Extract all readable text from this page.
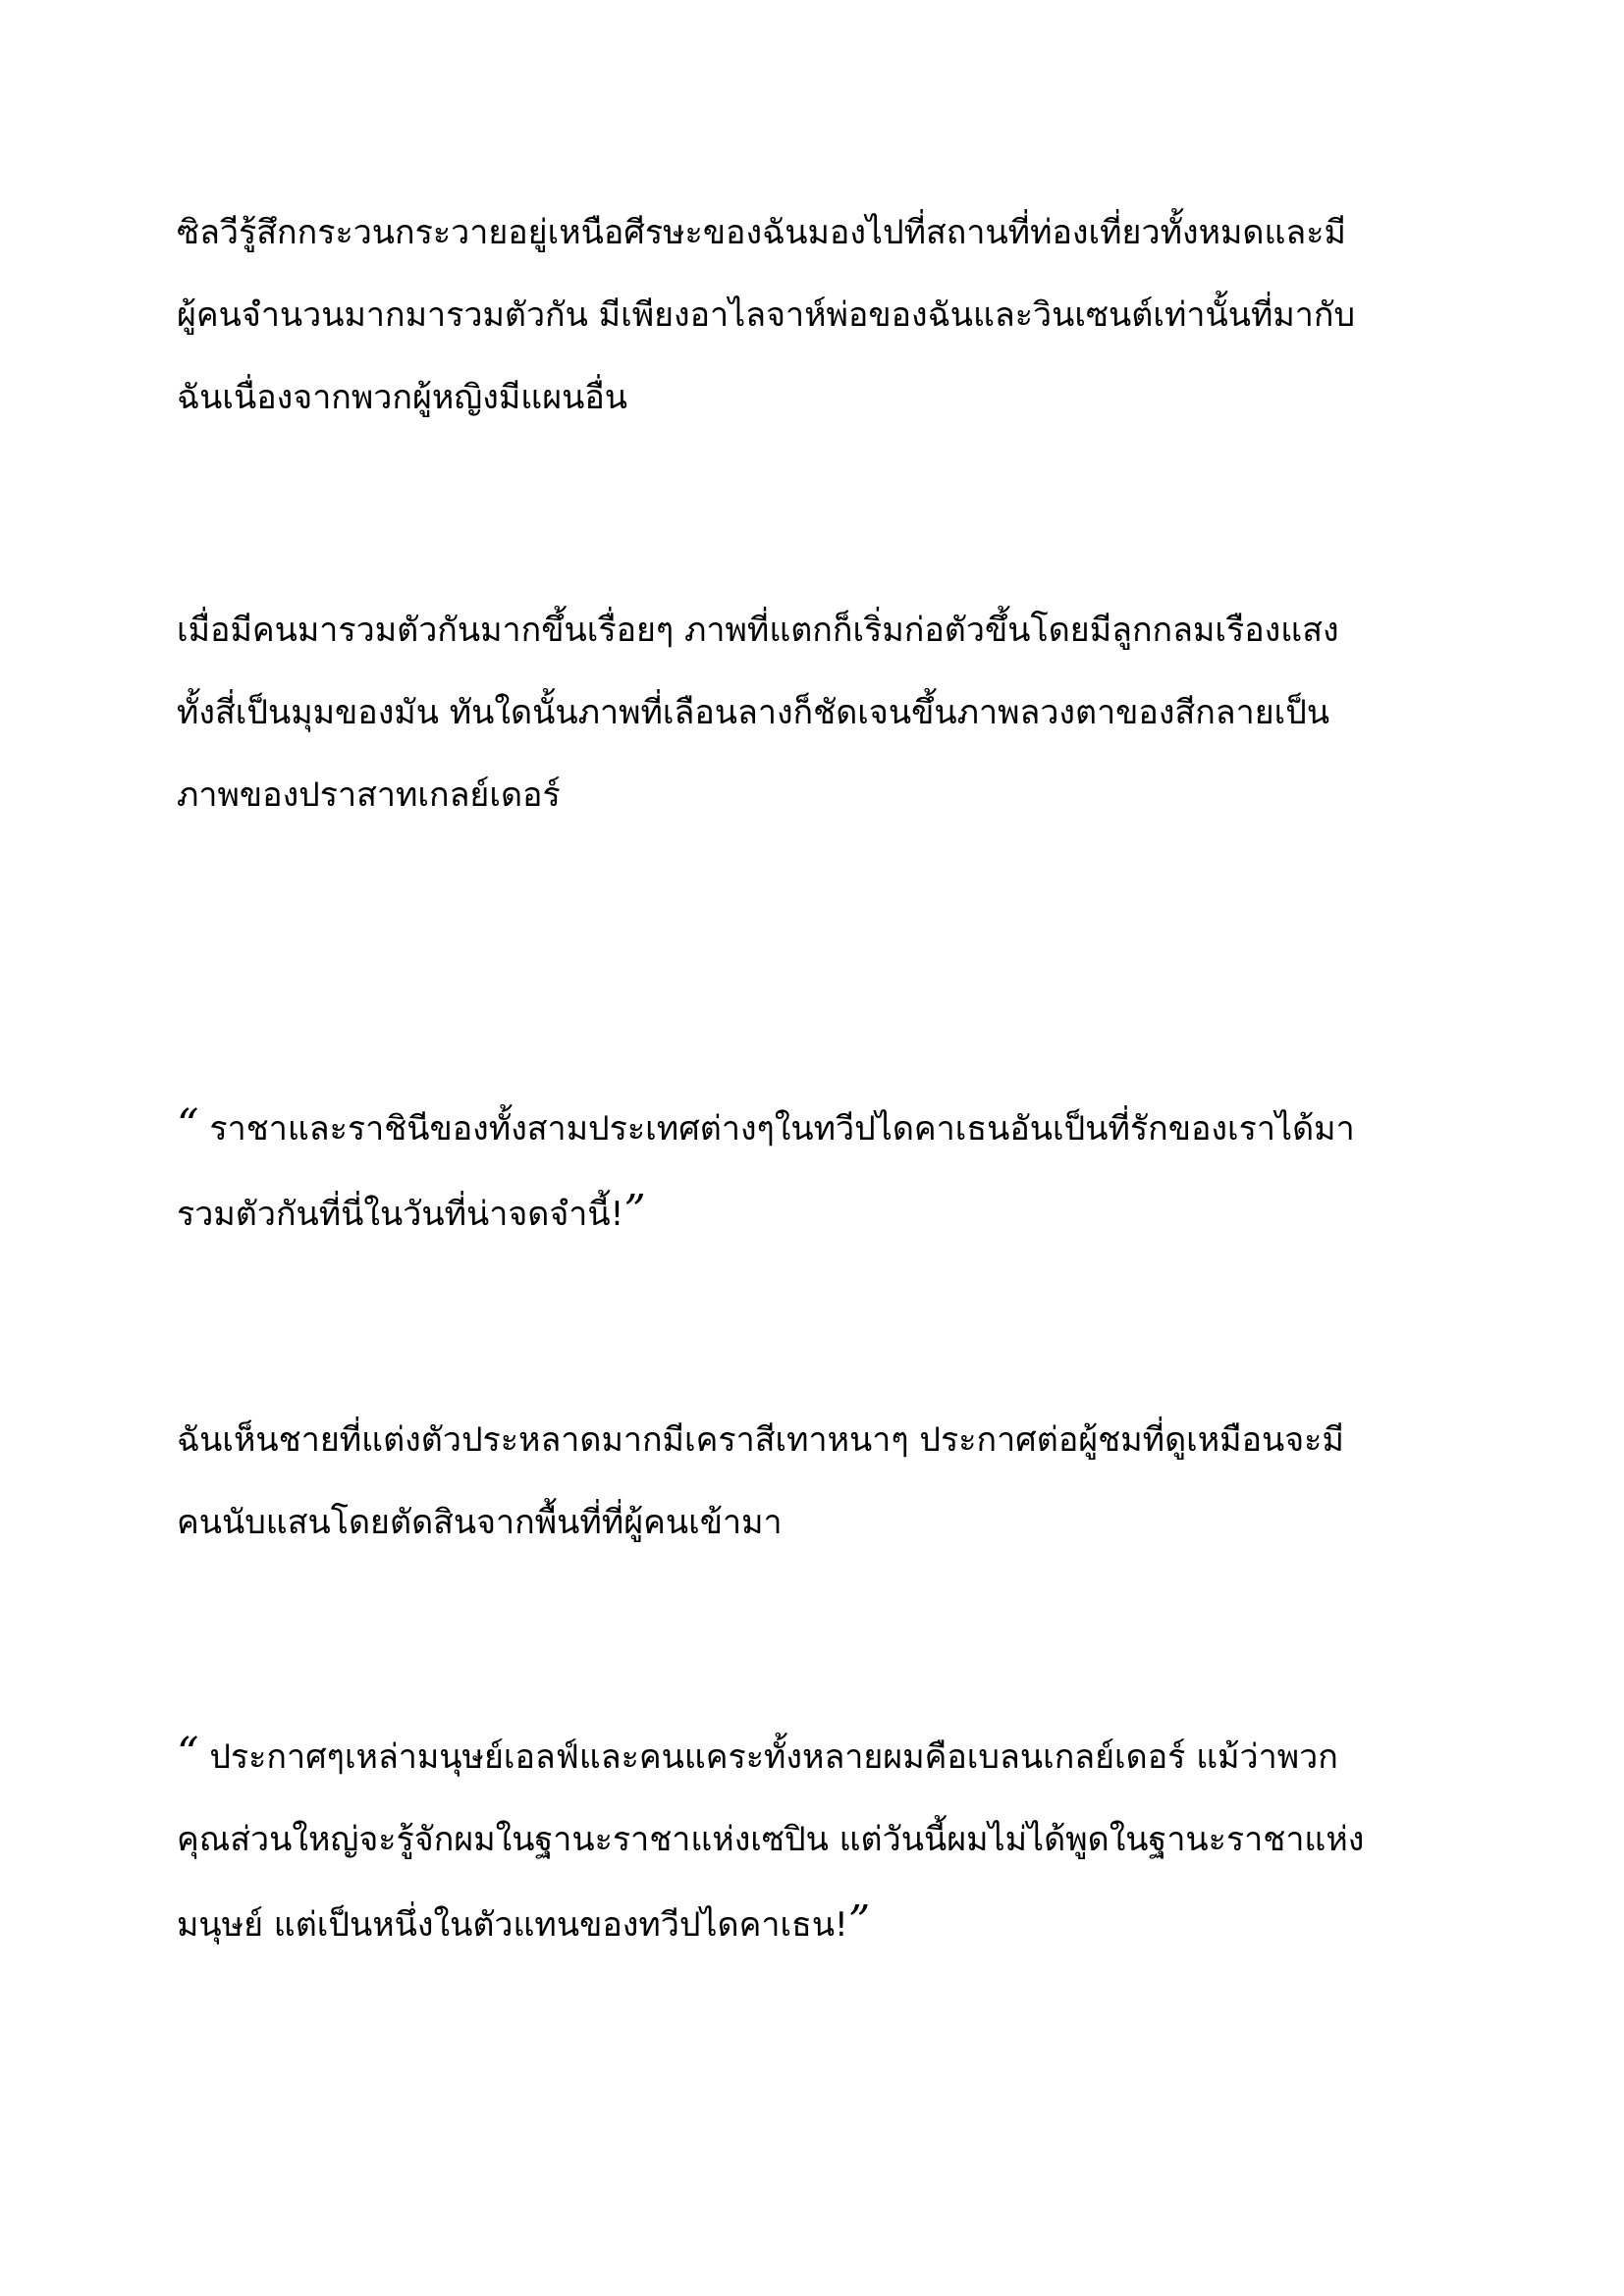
ซิลวีรู้สึกกระวนกระวายอยู่เหนือศีรษะของฉันมองไปที่สถานที่ท่องเที่ยวทั้งหมดและมี
ผู้คนจำนวนมากมารวมตัวกัน มีเพียงอาไลจาห์พ่อของฉันและวินเซนต์เท่านั้นที่มากับ
ฉันเนื่องจากพวกผู้หญิงมีแผนอื่น

เมื่อมีคนมารวมตัวกันมากขึ้นเรื่อยๆ ภาพที่แตกก็เริ่มก่อตัวขึ้นโดยมีลูกกลมเรืองแสง
ทั้งสี่เป็นมุมของมัน ทันใดนั้นภาพที่เลือนลางก็ชัดเจนขึ้นภาพลวงตาของสีกลายเป็น
ภาพของปราสาทเกลย์เดอร์

“ ราชาและราชินีของทั้งสามประเทศต่างๆในทวีปไดคาเธนอันเป็นที่รักของเราได้มา
รวมตัวกันที่นี่ในวันที่น่าจดจำนี้!”

ฉันเห็นชายที่แต่งตัวประหลาดมากมีเคราสีเทาหนาๆ ประกาศต่อผู้ชมที่ดูเหมือนจะมี
คนนับแสนโดยตัดสินจากพื้นที่ที่ผู้คนเข้ามา

“ ประกาศๆเหล่ามนุษย์เอลฟ์และคนแคระทั้งหลายผมคือเบลนเกลย์เดอร์ แม้ว่าพวก
คุณส่วนใหญ่จะรู้จักผมในฐานะราชาแห่งเซปิน แต่วันนี้ผมไม่ได้พูดในฐานะราชาแห่ง
มนุษย์ แต่เป็นหนึ่งในตัวแทนของทวีปไดคาเธน!”
